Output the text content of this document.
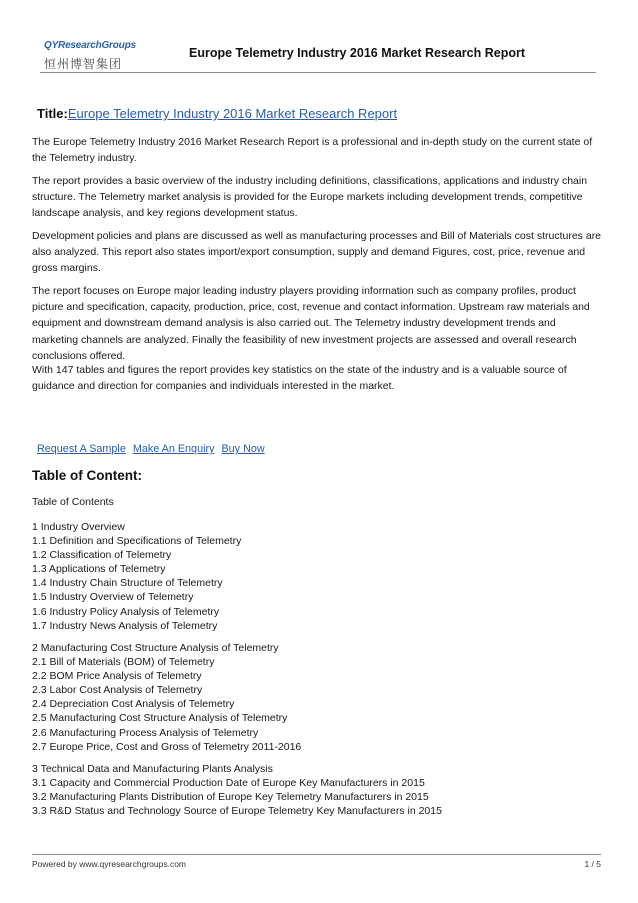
QYResearchGroups
恒州博智集团
Europe Telemetry Industry 2016 Market Research Report
Title:Europe Telemetry Industry 2016 Market Research Report

The Europe Telemetry Industry 2016 Market Research Report is a professional and in-depth study on the current state of the Telemetry industry.

The report provides a basic overview of the industry including definitions, classifications, applications and industry chain structure. The Telemetry market analysis is provided for the Europe markets including development trends, competitive landscape analysis, and key regions development status.

Development policies and plans are discussed as well as manufacturing processes and Bill of Materials cost structures are also analyzed. This report also states import/export consumption, supply and demand Figures, cost, price, revenue and gross margins.

The report focuses on Europe major leading industry players providing information such as company profiles, product picture and specification, capacity, production, price, cost, revenue and contact information. Upstream raw materials and equipment and downstream demand analysis is also carried out. The Telemetry industry development trends and marketing channels are analyzed. Finally the feasibility of new investment projects are assessed and overall research conclusions offered.

With 147 tables and figures the report provides key statistics on the state of the industry and is a valuable source of guidance and direction for companies and individuals interested in the market.

Request A Sample Make An Enquiry Buy Now
Table of Content:
Table of Contents
1 Industry Overview
1.1 Definition and Specifications of Telemetry
1.2 Classification of Telemetry
1.3 Applications of Telemetry
1.4 Industry Chain Structure of Telemetry
1.5 Industry Overview of Telemetry
1.6 Industry Policy Analysis of Telemetry
1.7 Industry News Analysis of Telemetry
2 Manufacturing Cost Structure Analysis of Telemetry
2.1 Bill of Materials (BOM) of Telemetry
2.2 BOM Price Analysis of Telemetry
2.3 Labor Cost Analysis of Telemetry
2.4 Depreciation Cost Analysis of Telemetry
2.5 Manufacturing Cost Structure Analysis of Telemetry
2.6 Manufacturing Process Analysis of Telemetry
2.7 Europe Price, Cost and Gross of Telemetry 2011-2016
3 Technical Data and Manufacturing Plants Analysis
3.1 Capacity and Commercial Production Date of Europe Key Manufacturers in 2015
3.2 Manufacturing Plants Distribution of Europe Key Telemetry Manufacturers in 2015
3.3 R&D Status and Technology Source of Europe Telemetry Key Manufacturers in 2015
Powered by www.qyresearchgroups.com	1 / 5
